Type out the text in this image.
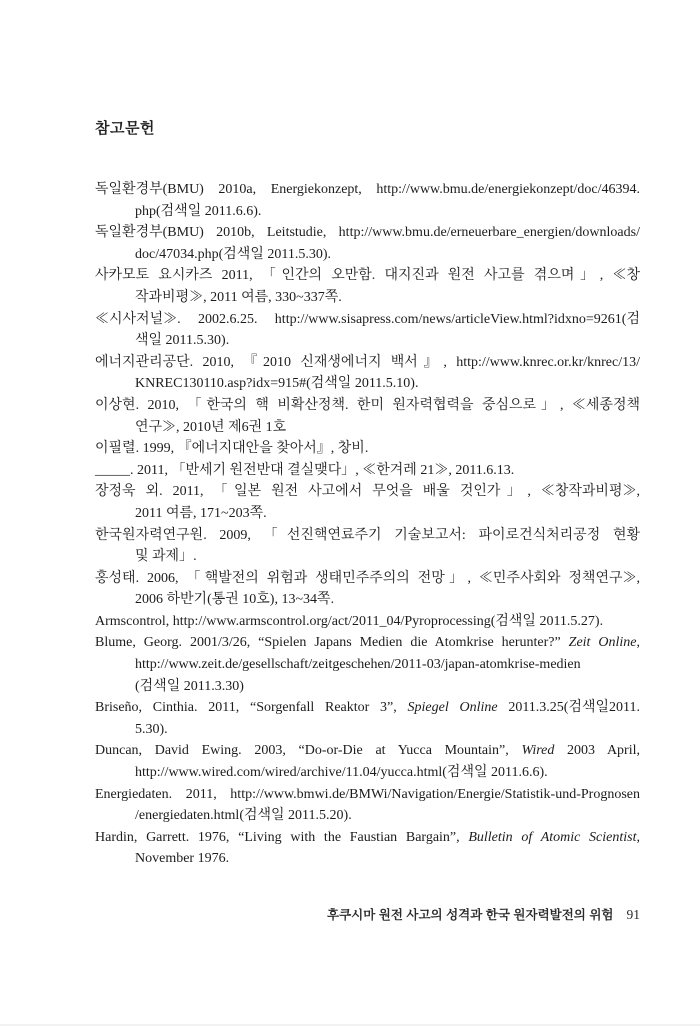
참고문헌
독일환경부(BMU) 2010a, Energiekonzept, http://www.bmu.de/energiekonzept/doc/46394.
php(검색일 2011.6.6).
독일환경부(BMU) 2010b, Leitstudie, http://www.bmu.de/erneuerbare_energien/downloads/
doc/47034.php(검색일 2011.5.30).
사카모토 요시카즈 2011, 「인간의 오만함. 대지진과 원전 사고를 겪으며」, ≪창
작과비평≫, 2011 여름, 330~337쪽.
≪시사저널≫. 2002.6.25. http://www.sisapress.com/news/articleView.html?idxno=9261(검
색일 2011.5.30).
에너지관리공단. 2010, 『2010 신재생에너지 백서』, http://www.knrec.or.kr/knrec/13/
KNREC130110.asp?idx=915#(검색일 2011.5.10).
이상현. 2010, 「한국의 핵 비확산정책. 한미 원자력협력을 중심으로」, ≪세종정책
연구≫, 2010년 제6권 1호
이필렬. 1999, 『에너지대안을 찾아서』, 창비.
_____. 2011, 「반세기 원전반대 결실맺다」, ≪한겨레 21≫, 2011.6.13.
장정욱 외. 2011, 「일본 원전 사고에서 무엇을 배울 것인가」, ≪창작과비평≫,
2011 여름, 171~203쪽.
한국원자력연구원. 2009, 「선진핵연료주기 기술보고서: 파이로건식처리공정 현황
및 과제」.
홍성태. 2006, 「핵발전의 위험과 생태민주주의의 전망」, ≪민주사회와 정책연구≫,
2006 하반기(통권 10호), 13~34쪽.
Armscontrol, http://www.armscontrol.org/act/2011_04/Pyroprocessing(검색일 2011.5.27).
Blume, Georg. 2001/3/26, “Spielen Japans Medien die Atomkrise herunter?” Zeit Online,
http://www.zeit.de/gesellschaft/zeitgeschehen/2011-03/japan-atomkrise-medien
(검색일 2011.3.30)
Briseño, Cinthia. 2011, “Sorgenfall Reaktor 3”, Spiegel Online 2011.3.25(검색일2011.
5.30).
Duncan, David Ewing. 2003, “Do-or-Die at Yucca Mountain”, Wired 2003 April,
http://www.wired.com/wired/archive/11.04/yucca.html(검색일 2011.6.6).
Energiedaten. 2011, http://www.bmwi.de/BMWi/Navigation/Energie/Statistik-und-Prognosen
/energiedaten.html(검색일 2011.5.20).
Hardin, Garrett. 1976, “Living with the Faustian Bargain”, Bulletin of Atomic Scientist,
November 1976.
후쿠시마 원전 사고의 성격과 한국 원자력발전의 위험 91
